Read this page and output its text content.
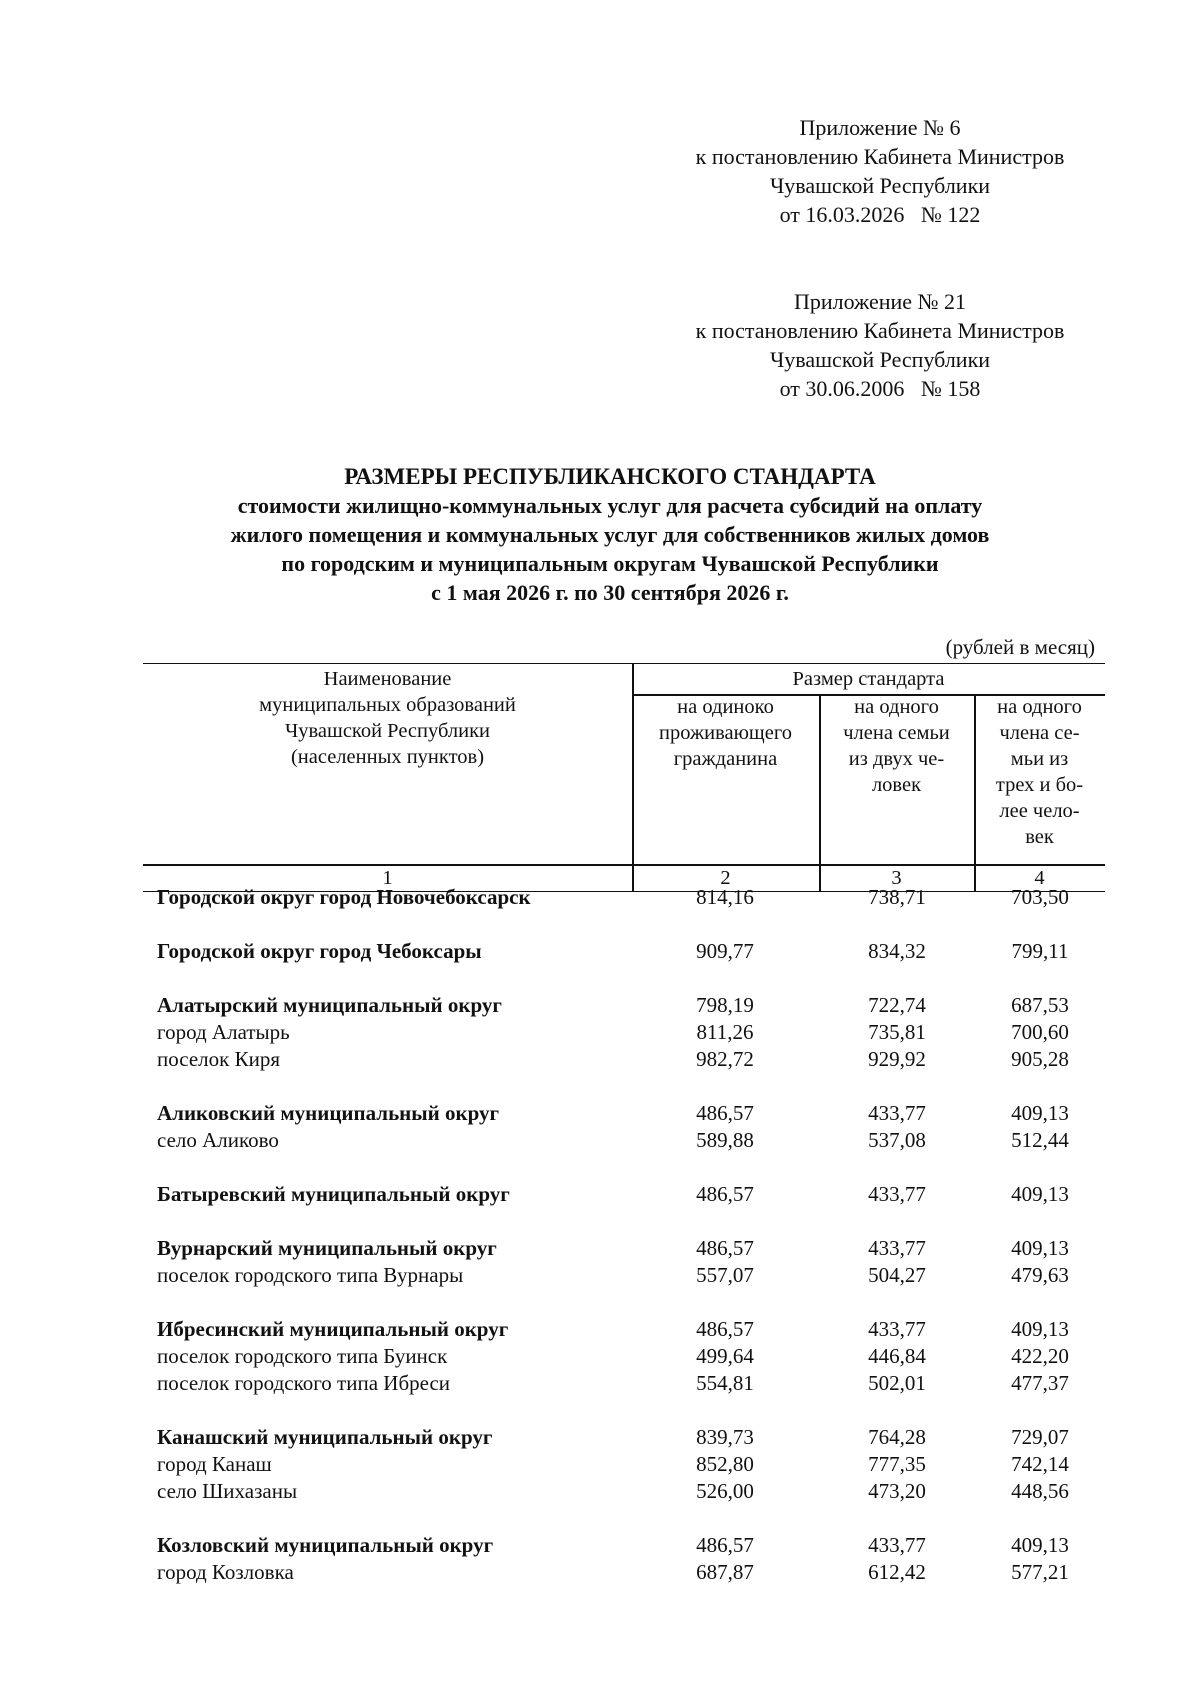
Приложение № 6
к постановлению Кабинета Министров
Чувашской Республики
от 16.03.2026   № 122
Приложение № 21
к постановлению Кабинета Министров
Чувашской Республики
от 30.06.2006   № 158
РАЗМЕРЫ РЕСПУБЛИКАНСКОГО СТАНДАРТА
стоимости жилищно-коммунальных услуг для расчета субсидий на оплату
жилого помещения и коммунальных услуг для собственников жилых домов
по городским и муниципальным округам Чувашской Республики
с 1 мая 2026 г. по 30 сентября 2026 г.
(рублей в месяц)
Наименование
муниципальных образований
Чувашской Республики
(населенных пунктов)
Размер стандарта
на одиноко
проживающего
гражданина
на одного
члена семьи
из двух че-
ловек
на одного
члена се-
мьи из
трех и бо-
лее чело-
век
1	2	3	4
Городской округ город Новочебоксарск	814,16	738,71	703,50
Городской округ город Чебоксары	909,77	834,32	799,11
Алатырский муниципальный округ	798,19	722,74	687,53
город Алатырь	811,26	735,81	700,60
поселок Киря	982,72	929,92	905,28
Аликовский муниципальный округ	486,57	433,77	409,13
село Аликово	589,88	537,08	512,44
Батыревский муниципальный округ	486,57	433,77	409,13
Вурнарский муниципальный округ	486,57	433,77	409,13
поселок городского типа Вурнары	557,07	504,27	479,63
Ибресинский муниципальный округ	486,57	433,77	409,13
поселок городского типа Буинск	499,64	446,84	422,20
поселок городского типа Ибреси	554,81	502,01	477,37
Канашский муниципальный округ	839,73	764,28	729,07
город Канаш	852,80	777,35	742,14
село Шихазаны	526,00	473,20	448,56
Козловский муниципальный округ	486,57	433,77	409,13
город Козловка	687,87	612,42	577,21
